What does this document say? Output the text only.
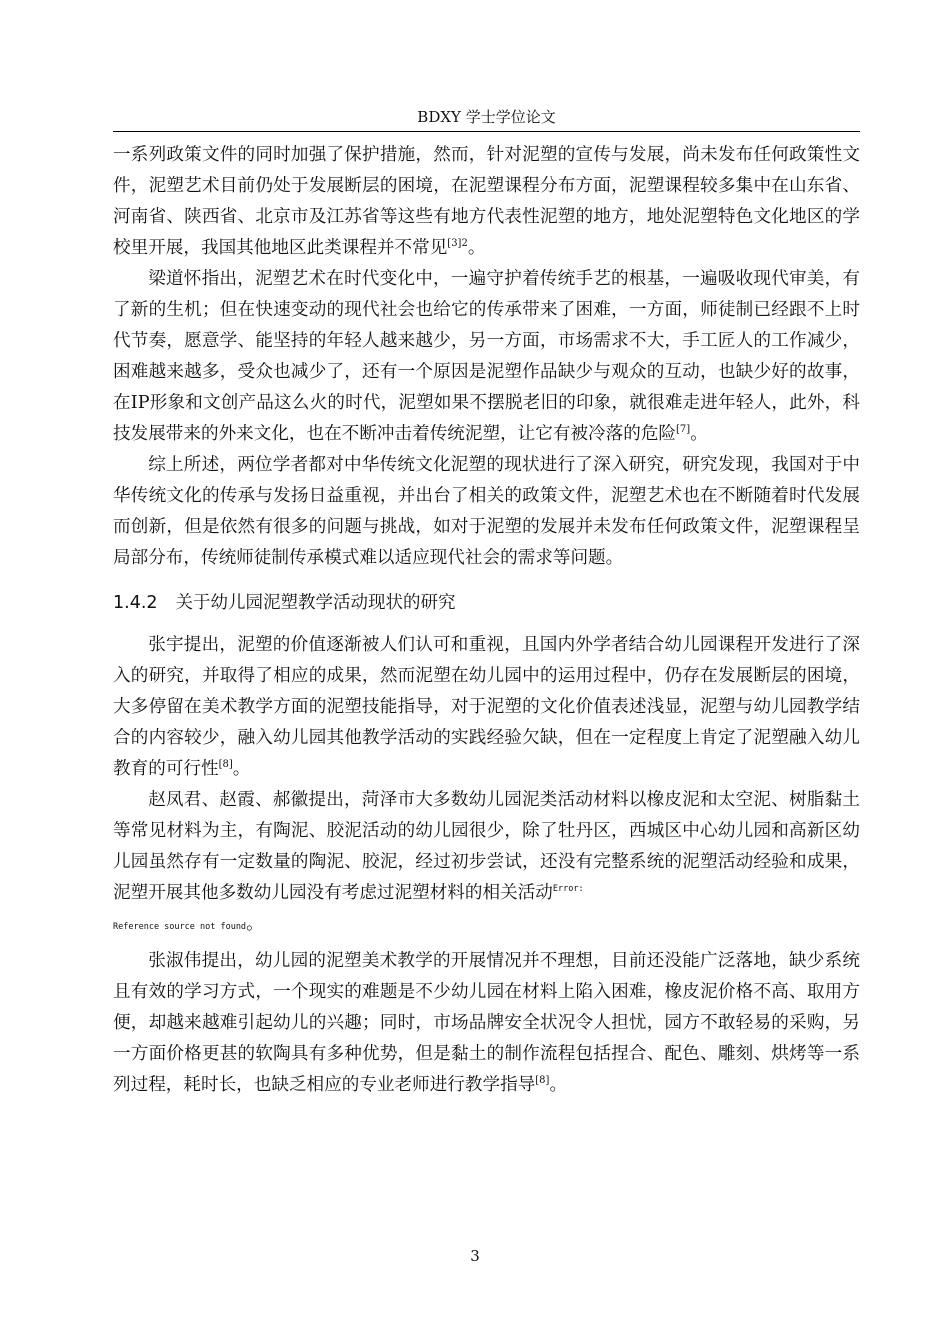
BDXY 学士学位论文

一系列政策文件的同时加强了保护措施，然而，针对泥塑的宣传与发展，尚未发布任何政策性文件，泥塑艺术目前仍处于发展断层的困境，在泥塑课程分布方面，泥塑课程较多集中在山东省、河南省、陕西省、北京市及江苏省等这些有地方代表性泥塑的地方，地处泥塑特色文化地区的学校里开展，我国其他地区此类课程并不常见$^{[3]2}$。

梁道怀指出，泥塑艺术在时代变化中，一遍守护着传统手艺的根基，一遍吸收现代审美，有了新的生机；但在快速变动的现代社会也给它的传承带来了困难，一方面，师徒制已经跟不上时代节奏，愿意学、能坚持的年轻人越来越少，另一方面，市场需求不大，手工匠人的工作减少，困难越来越多，受众也减少了，还有一个原因是泥塑作品缺少与观众的互动，也缺少好的故事，在IP形象和文创产品这么火的时代，泥塑如果不摆脱老旧的印象，就很难走进年轻人，此外，科技发展带来的外来文化，也在不断冲击着传统泥塑，让它有被冷落的危险[7]。

综上所述，两位学者都对中华传统文化泥塑的现状进行了深入研究，研究发现，我国对于中华传统文化的传承与发扬日益重视，并出台了相关的政策文件，泥塑艺术也在不断随着时代发展而创新，但是依然有很多的问题与挑战，如对于泥塑的发展并未发布任何政策文件，泥塑课程呈局部分布，传统师徒制传承模式难以适应现代社会的需求等问题。

1.4.2 关于幼儿园泥塑教学活动现状的研究

张宇提出，泥塑的价值逐渐被人们认可和重视，且国内外学者结合幼儿园课程开发进行了深入的研究，并取得了相应的成果，然而泥塑在幼儿园中的运用过程中，仍存在发展断层的困境，大多停留在美术教学方面的泥塑技能指导，对于泥塑的文化价值表述浅显，泥塑与幼儿园教学结合的内容较少，融入幼儿园其他教学活动的实践经验欠缺，但在一定程度上肯定了泥塑融入幼儿教育的可行性[8]。

赵凤君、赵霞、郝徽提出，菏泽市大多数幼儿园泥类活动材料以橡皮泥和太空泥、树脂黏土等常见材料为主，有陶泥、胶泥活动的幼儿园很少，除了牡丹区，西城区中心幼儿园和高新区幼儿园虽然存有一定数量的陶泥、胶泥，经过初步尝试，还没有完整系统的泥塑活动经验和成果，泥塑开展其他多数幼儿园没有考虑过泥塑材料的相关活动$^{Error:}$
Reference source not found。

张淑伟提出，幼儿园的泥塑美术教学的开展情况并不理想，目前还没能广泛落地，缺少系统且有效的学习方式，一个现实的难题是不少幼儿园在材料上陷入困难，橡皮泥价格不高、取用方便，却越来越难引起幼儿的兴趣；同时，市场品牌安全状况令人担忧，园方不敢轻易的采购，另一方面价格更甚的软陶具有多种优势，但是黏土的制作流程包括捏合、配色、雕刻、烘烤等一系列过程，耗时长，也缺乏相应的专业老师进行教学指导[8]。

3
